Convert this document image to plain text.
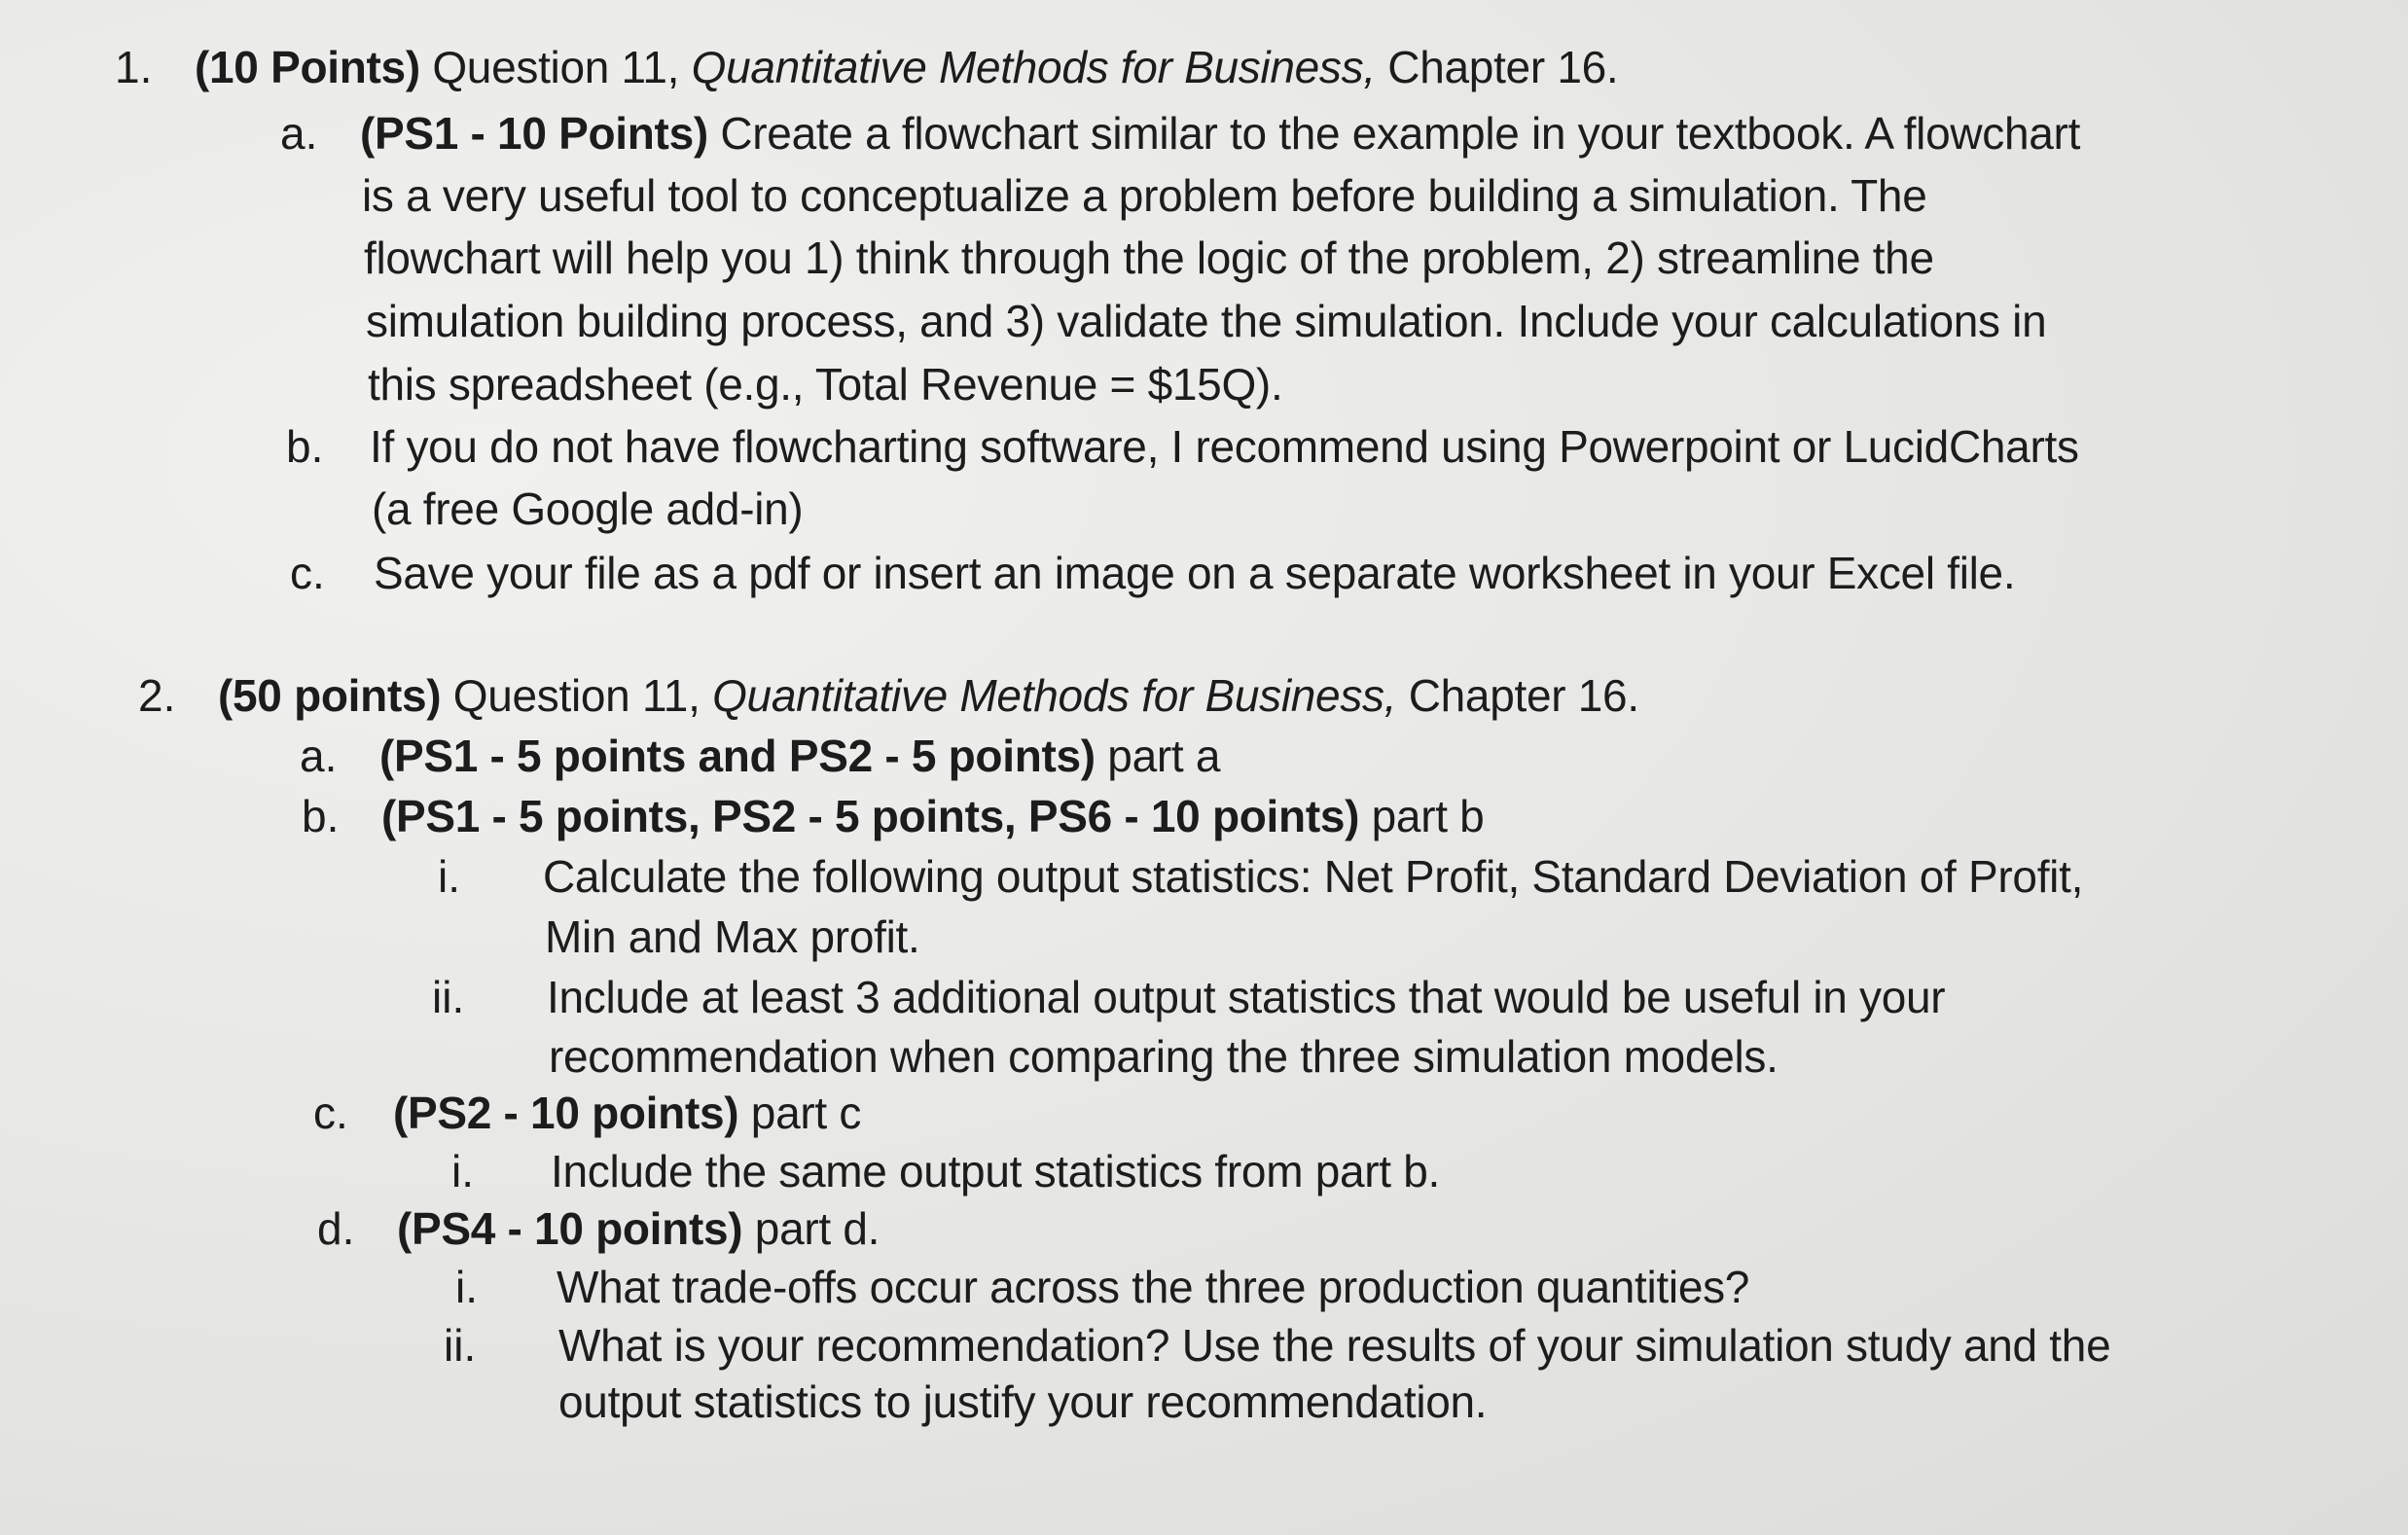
1. (10 Points) Question 11, Quantitative Methods for Business, Chapter 16.
a. (PS1 - 10 Points) Create a flowchart similar to the example in your textbook. A flowchart
is a very useful tool to conceptualize a problem before building a simulation. The
flowchart will help you 1) think through the logic of the problem, 2) streamline the
simulation building process, and 3) validate the simulation. Include your calculations in
this spreadsheet (e.g., Total Revenue = $15Q).
b. If you do not have flowcharting software, I recommend using Powerpoint or LucidCharts
(a free Google add-in)
c. Save your file as a pdf or insert an image on a separate worksheet in your Excel file.
2. (50 points) Question 11, Quantitative Methods for Business, Chapter 16.
a. (PS1 - 5 points and PS2 - 5 points) part a
b. (PS1 - 5 points, PS2 - 5 points, PS6 - 10 points) part b
i. Calculate the following output statistics: Net Profit, Standard Deviation of Profit,
Min and Max profit.
ii. Include at least 3 additional output statistics that would be useful in your
recommendation when comparing the three simulation models.
c. (PS2 - 10 points) part c
i. Include the same output statistics from part b.
d. (PS4 - 10 points) part d.
i. What trade-offs occur across the three production quantities?
ii. What is your recommendation? Use the results of your simulation study and the
output statistics to justify your recommendation.
